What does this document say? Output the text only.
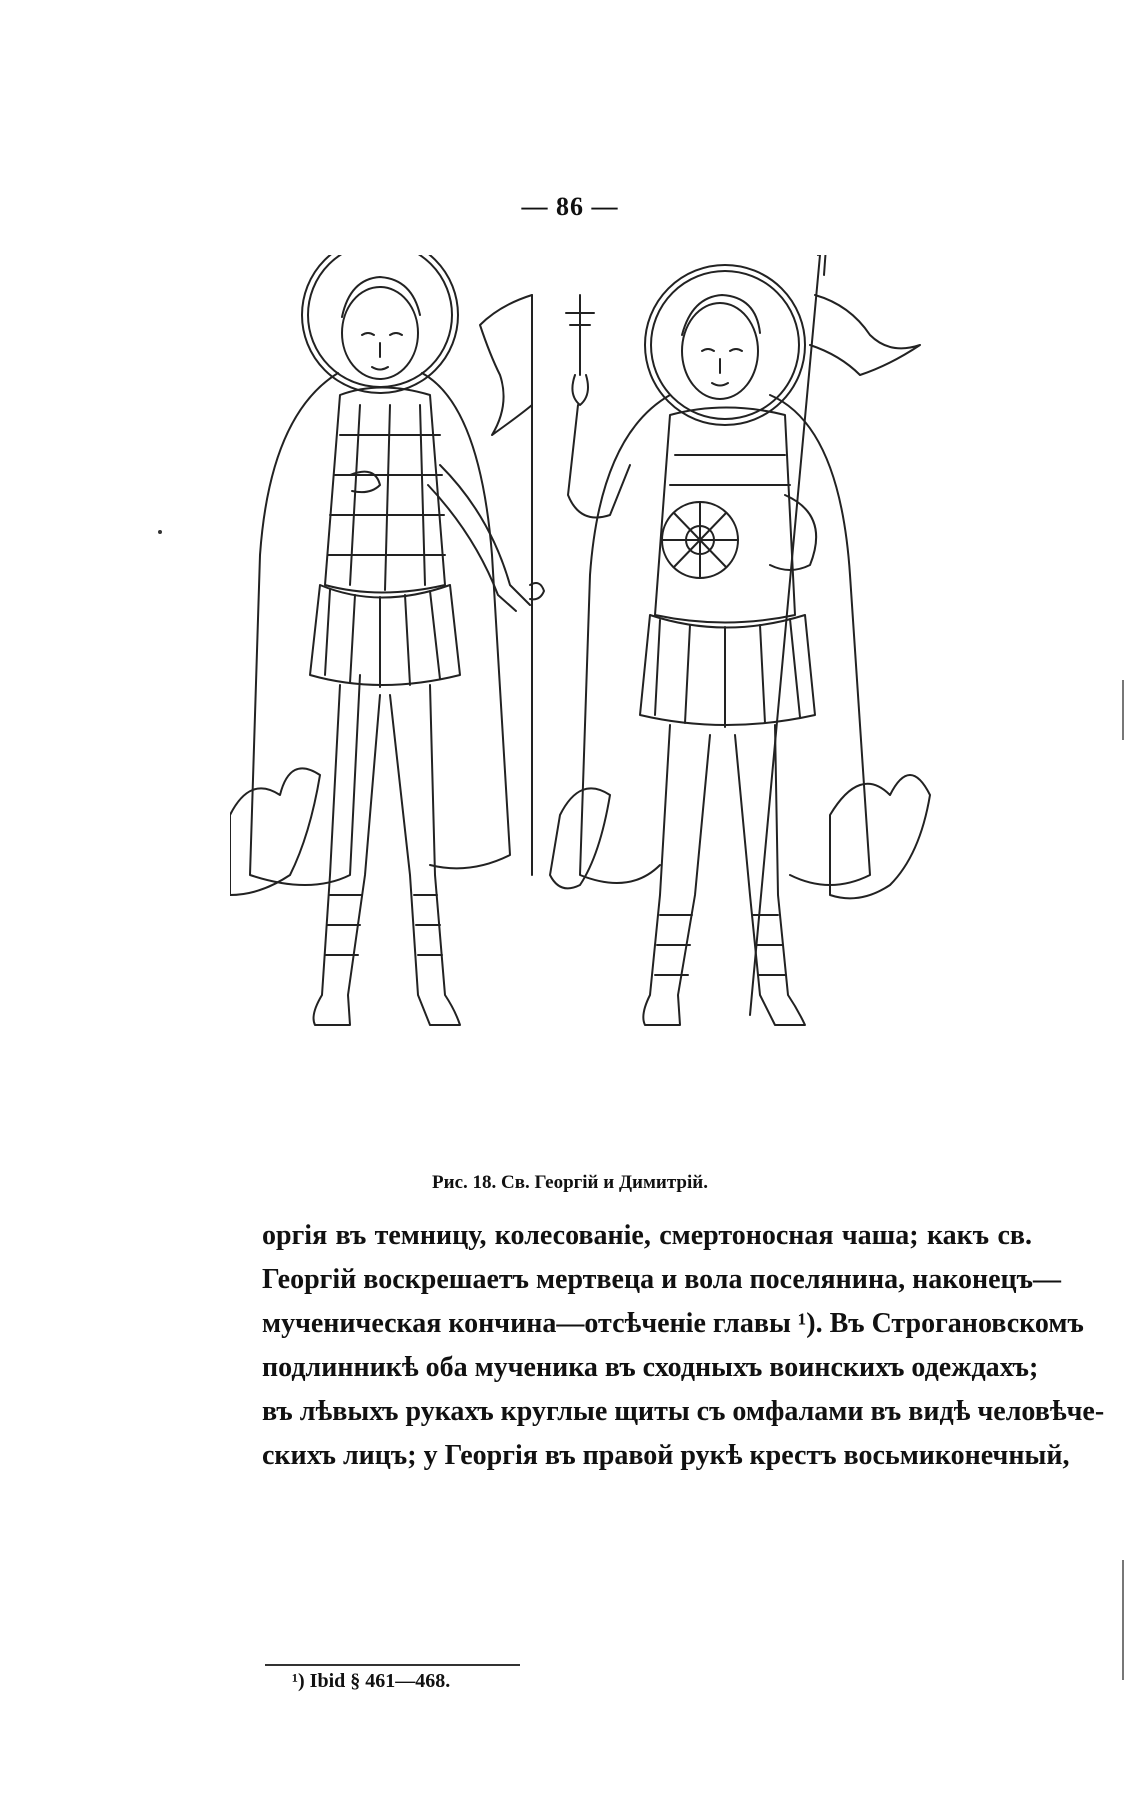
— 86 —
Рис. 18. Св. Георгій и Димитрій.
оргія въ темницу, колесованіе, смертоносная чаша; какъ св.
Георгій воскрешаетъ мертвеца и вола поселянина, наконецъ—
мученическая кончина—отсѣченіе главы ¹). Въ Строгановскомъ
подлинникѣ оба мученика въ сходныхъ воинскихъ одеждахъ;
въ лѣвыхъ рукахъ круглые щиты съ омфалами въ видѣ человѣче-
скихъ лицъ; у Георгія въ правой рукѣ крестъ восьмиконечный,
¹) Ibid § 461—468.
